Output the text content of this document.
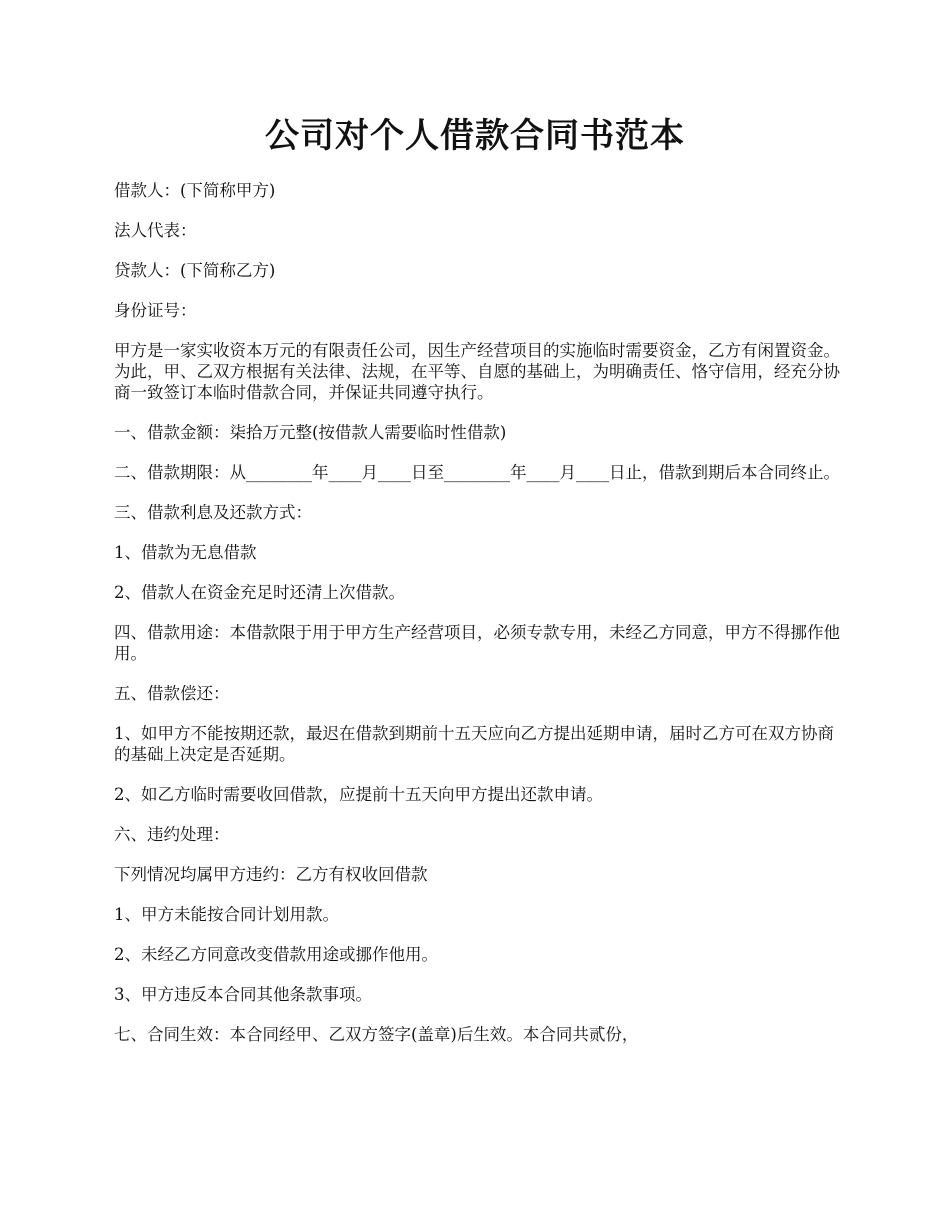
公司对个人借款合同书范本

借款人：(下简称甲方)

法人代表：

贷款人：(下简称乙方)

身份证号：

甲方是一家实收资本万元的有限责任公司，因生产经营项目的实施临时需要资金，乙方有闲置资金。为此，甲、乙双方根据有关法律、法规，在平等、自愿的基础上，为明确责任、恪守信用，经充分协商一致签订本临时借款合同，并保证共同遵守执行。

一、借款金额：柒拾万元整(按借款人需要临时性借款)

二、借款期限：从________年____月____日至________年____月____日止，借款到期后本合同终止。

三、借款利息及还款方式：

1、借款为无息借款

2、借款人在资金充足时还清上次借款。

四、借款用途：本借款限于用于甲方生产经营项目，必须专款专用，未经乙方同意，甲方不得挪作他用。

五、借款偿还：

1、如甲方不能按期还款，最迟在借款到期前十五天应向乙方提出延期申请，届时乙方可在双方协商的基础上决定是否延期。

2、如乙方临时需要收回借款，应提前十五天向甲方提出还款申请。

六、违约处理：

下列情况均属甲方违约：乙方有权收回借款

1、甲方未能按合同计划用款。

2、未经乙方同意改变借款用途或挪作他用。

3、甲方违反本合同其他条款事项。

七、合同生效：本合同经甲、乙双方签字(盖章)后生效。本合同共贰份，
